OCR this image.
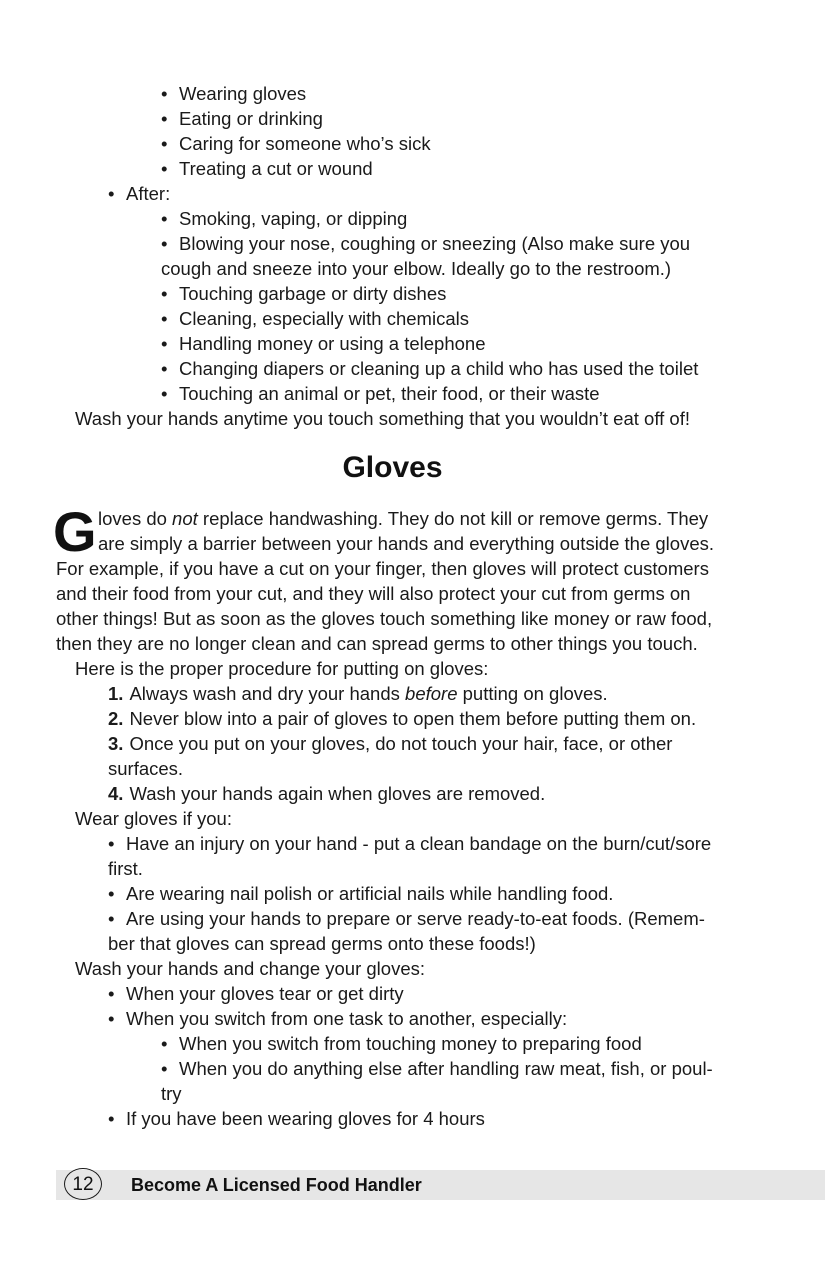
• Wearing gloves
• Eating or drinking
• Caring for someone who’s sick
• Treating a cut or wound
• After:
• Smoking, vaping, or dipping
• Blowing your nose, coughing or sneezing (Also make sure you
cough and sneeze into your elbow. Ideally go to the restroom.)
• Touching garbage or dirty dishes
• Cleaning, especially with chemicals
• Handling money or using a telephone
• Changing diapers or cleaning up a child who has used the toilet
• Touching an animal or pet, their food, or their waste
Wash your hands anytime you touch something that you wouldn’t eat off of!
Gloves
G loves do not replace handwashing. They do not kill or remove germs. They
are simply a barrier between your hands and everything outside the gloves.
For example, if you have a cut on your finger, then gloves will protect customers
and their food from your cut, and they will also protect your cut from germs on
other things! But as soon as the gloves touch something like money or raw food,
then they are no longer clean and can spread germs to other things you touch.
Here is the proper procedure for putting on gloves:
1. Always wash and dry your hands before putting on gloves.
2. Never blow into a pair of gloves to open them before putting them on.
3. Once you put on your gloves, do not touch your hair, face, or other
surfaces.
4. Wash your hands again when gloves are removed.
Wear gloves if you:
• Have an injury on your hand - put a clean bandage on the burn/cut/sore
first.
• Are wearing nail polish or artificial nails while handling food.
• Are using your hands to prepare or serve ready-to-eat foods. (Remem-
ber that gloves can spread germs onto these foods!)
Wash your hands and change your gloves:
• When your gloves tear or get dirty
• When you switch from one task to another, especially:
• When you switch from touching money to preparing food
• When you do anything else after handling raw meat, fish, or poul-
try
• If you have been wearing gloves for 4 hours
12	Become A Licensed Food Handler
